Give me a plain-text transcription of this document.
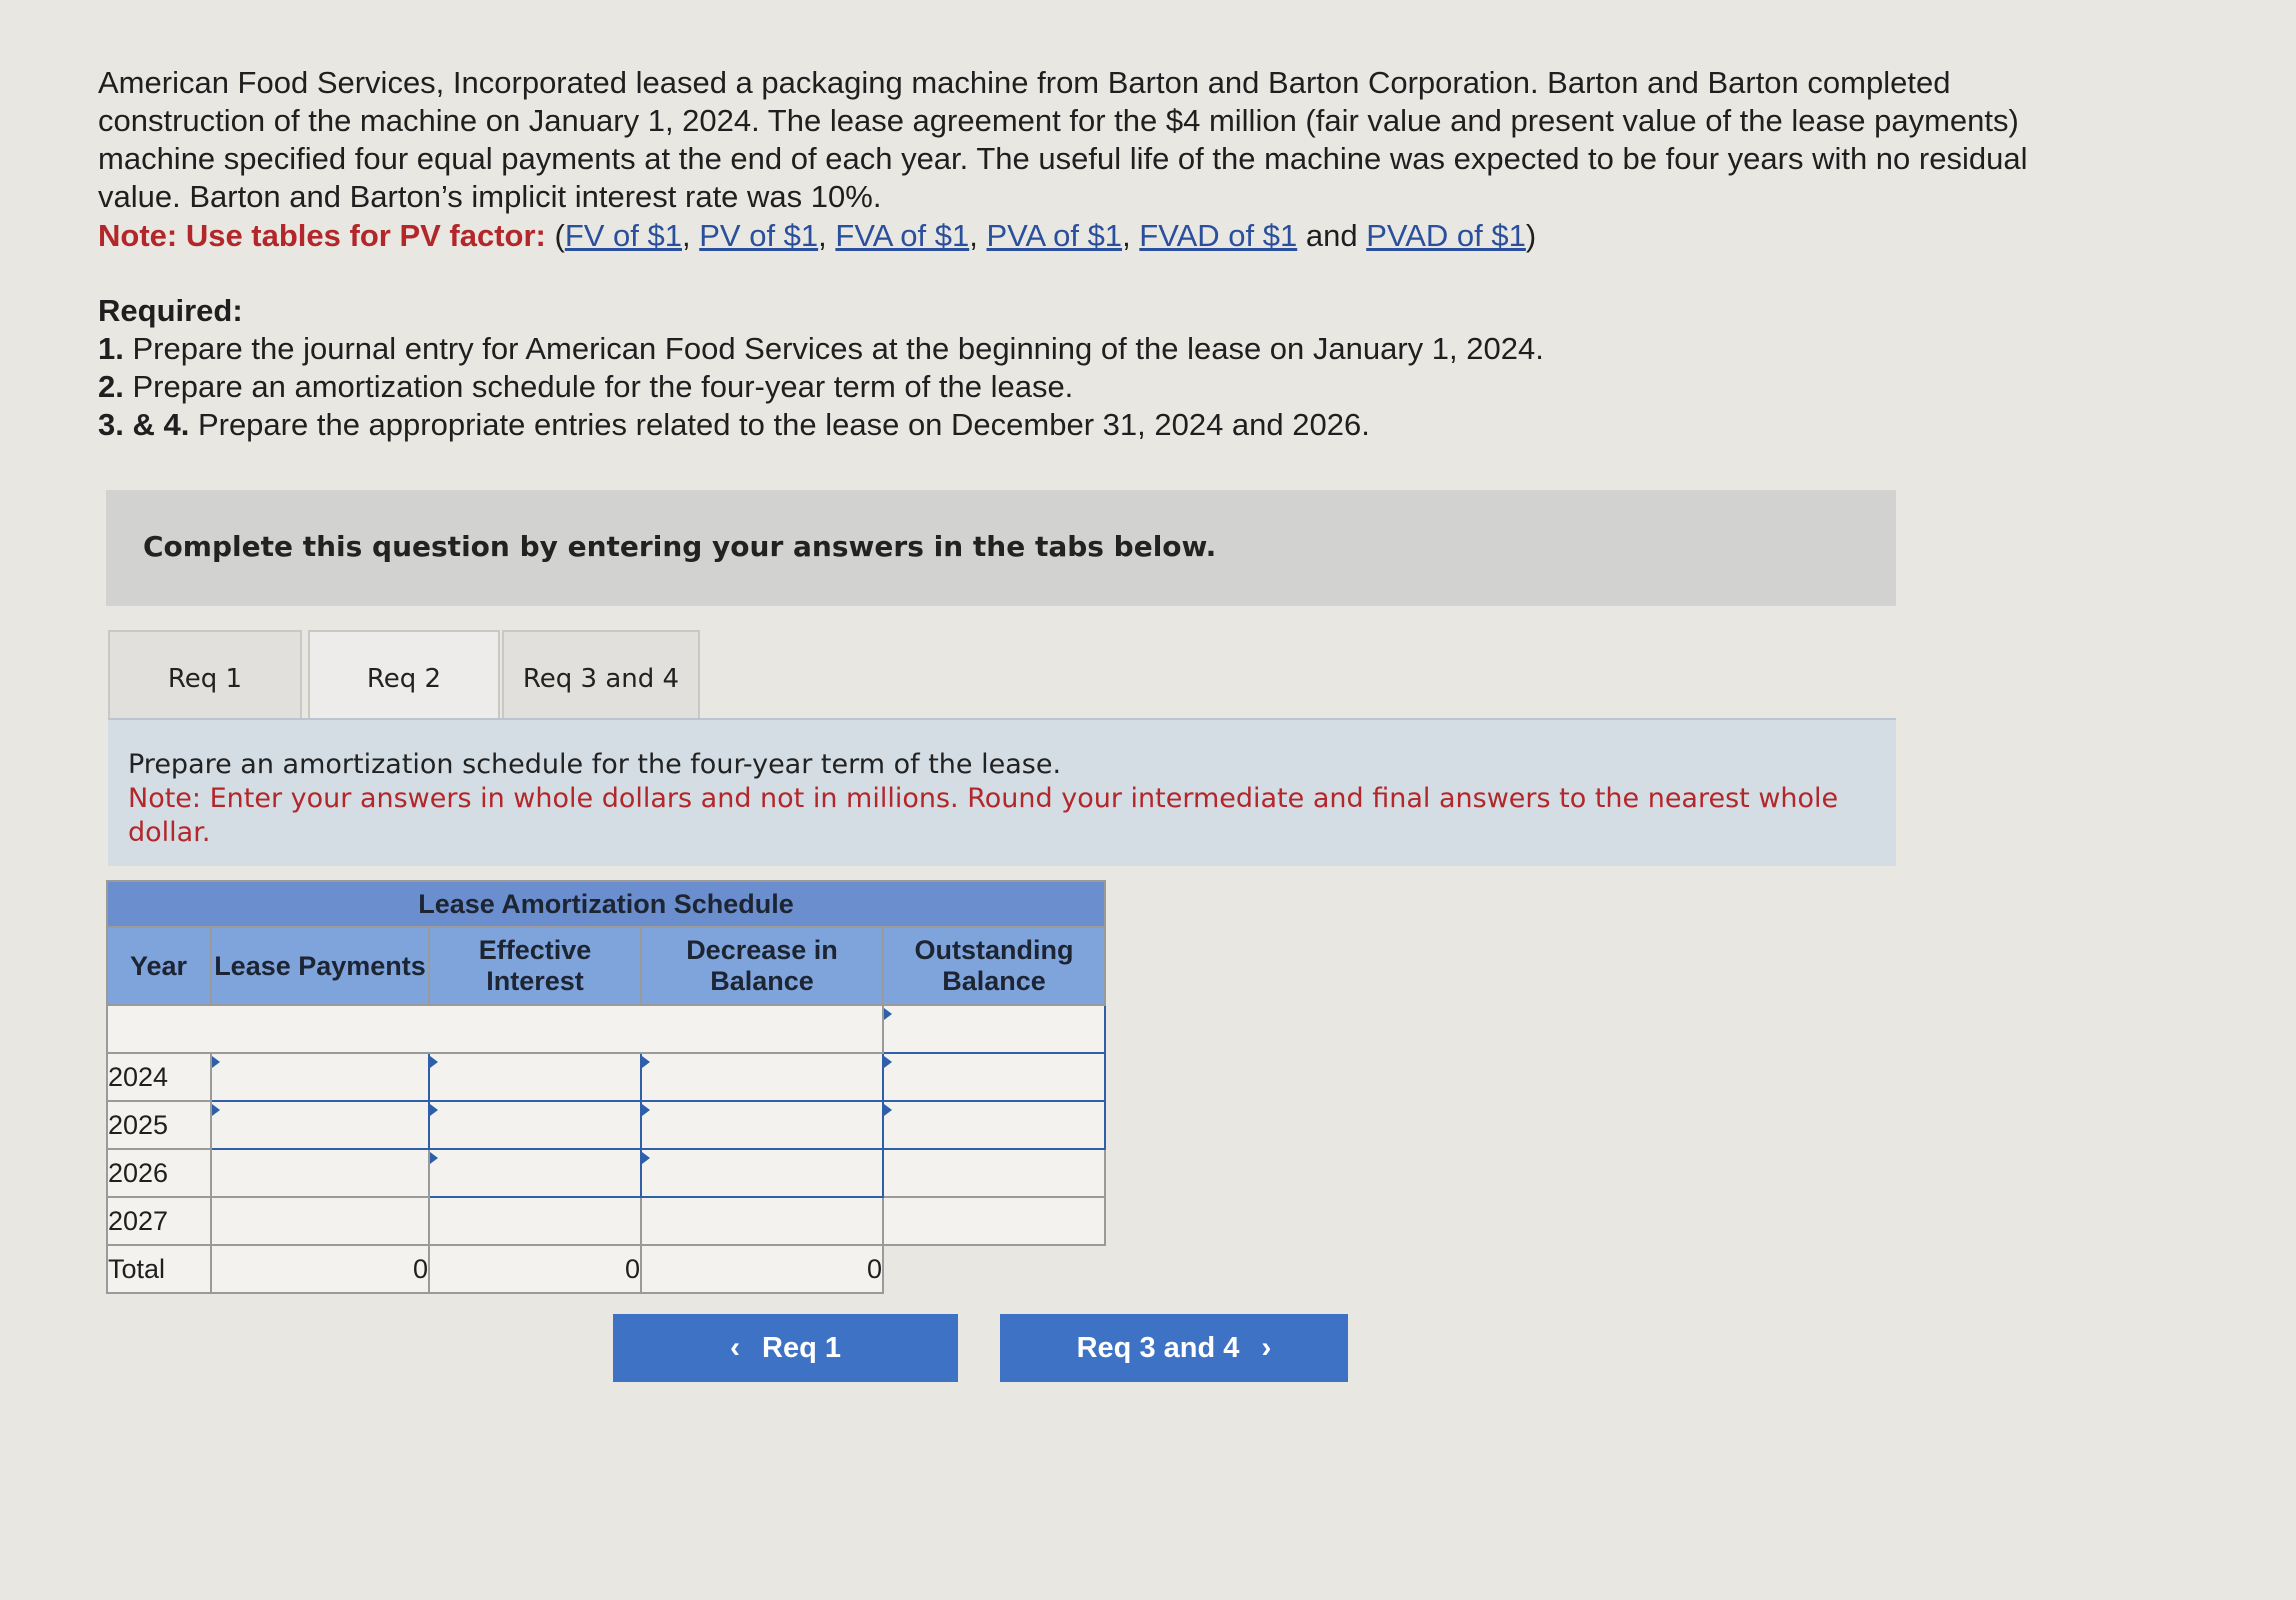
American Food Services, Incorporated leased a packaging machine from Barton and Barton Corporation. Barton and Barton completed construction of the machine on January 1, 2024. The lease agreement for the $4 million (fair value and present value of the lease payments) machine specified four equal payments at the end of each year. The useful life of the machine was expected to be four years with no residual value. Barton and Barton’s implicit interest rate was 10%.

Note: Use tables for PV factor: (FV of $1, PV of $1, FVA of $1, PVA of $1, FVAD of $1 and PVAD of $1)

Required:

1. Prepare the journal entry for American Food Services at the beginning of the lease on January 1, 2024.

2. Prepare an amortization schedule for the four-year term of the lease.

3. & 4. Prepare the appropriate entries related to the lease on December 31, 2024 and 2026.

Complete this question by entering your answers in the tabs below.
Req 1	Req 2	Req 3 and 4
Prepare an amortization schedule for the four-year term of the lease.
Note: Enter your answers in whole dollars and not in millions. Round your intermediate and final answers to the nearest whole dollar.
Lease Amortization Schedule				
Year	Lease Payments	Effective Interest	Decrease in Balance	Outstanding Balance

2024				
2025				
2026				
2027				
Total	0	0	0	
‹ Req 1	Req 3 and 4 ›
